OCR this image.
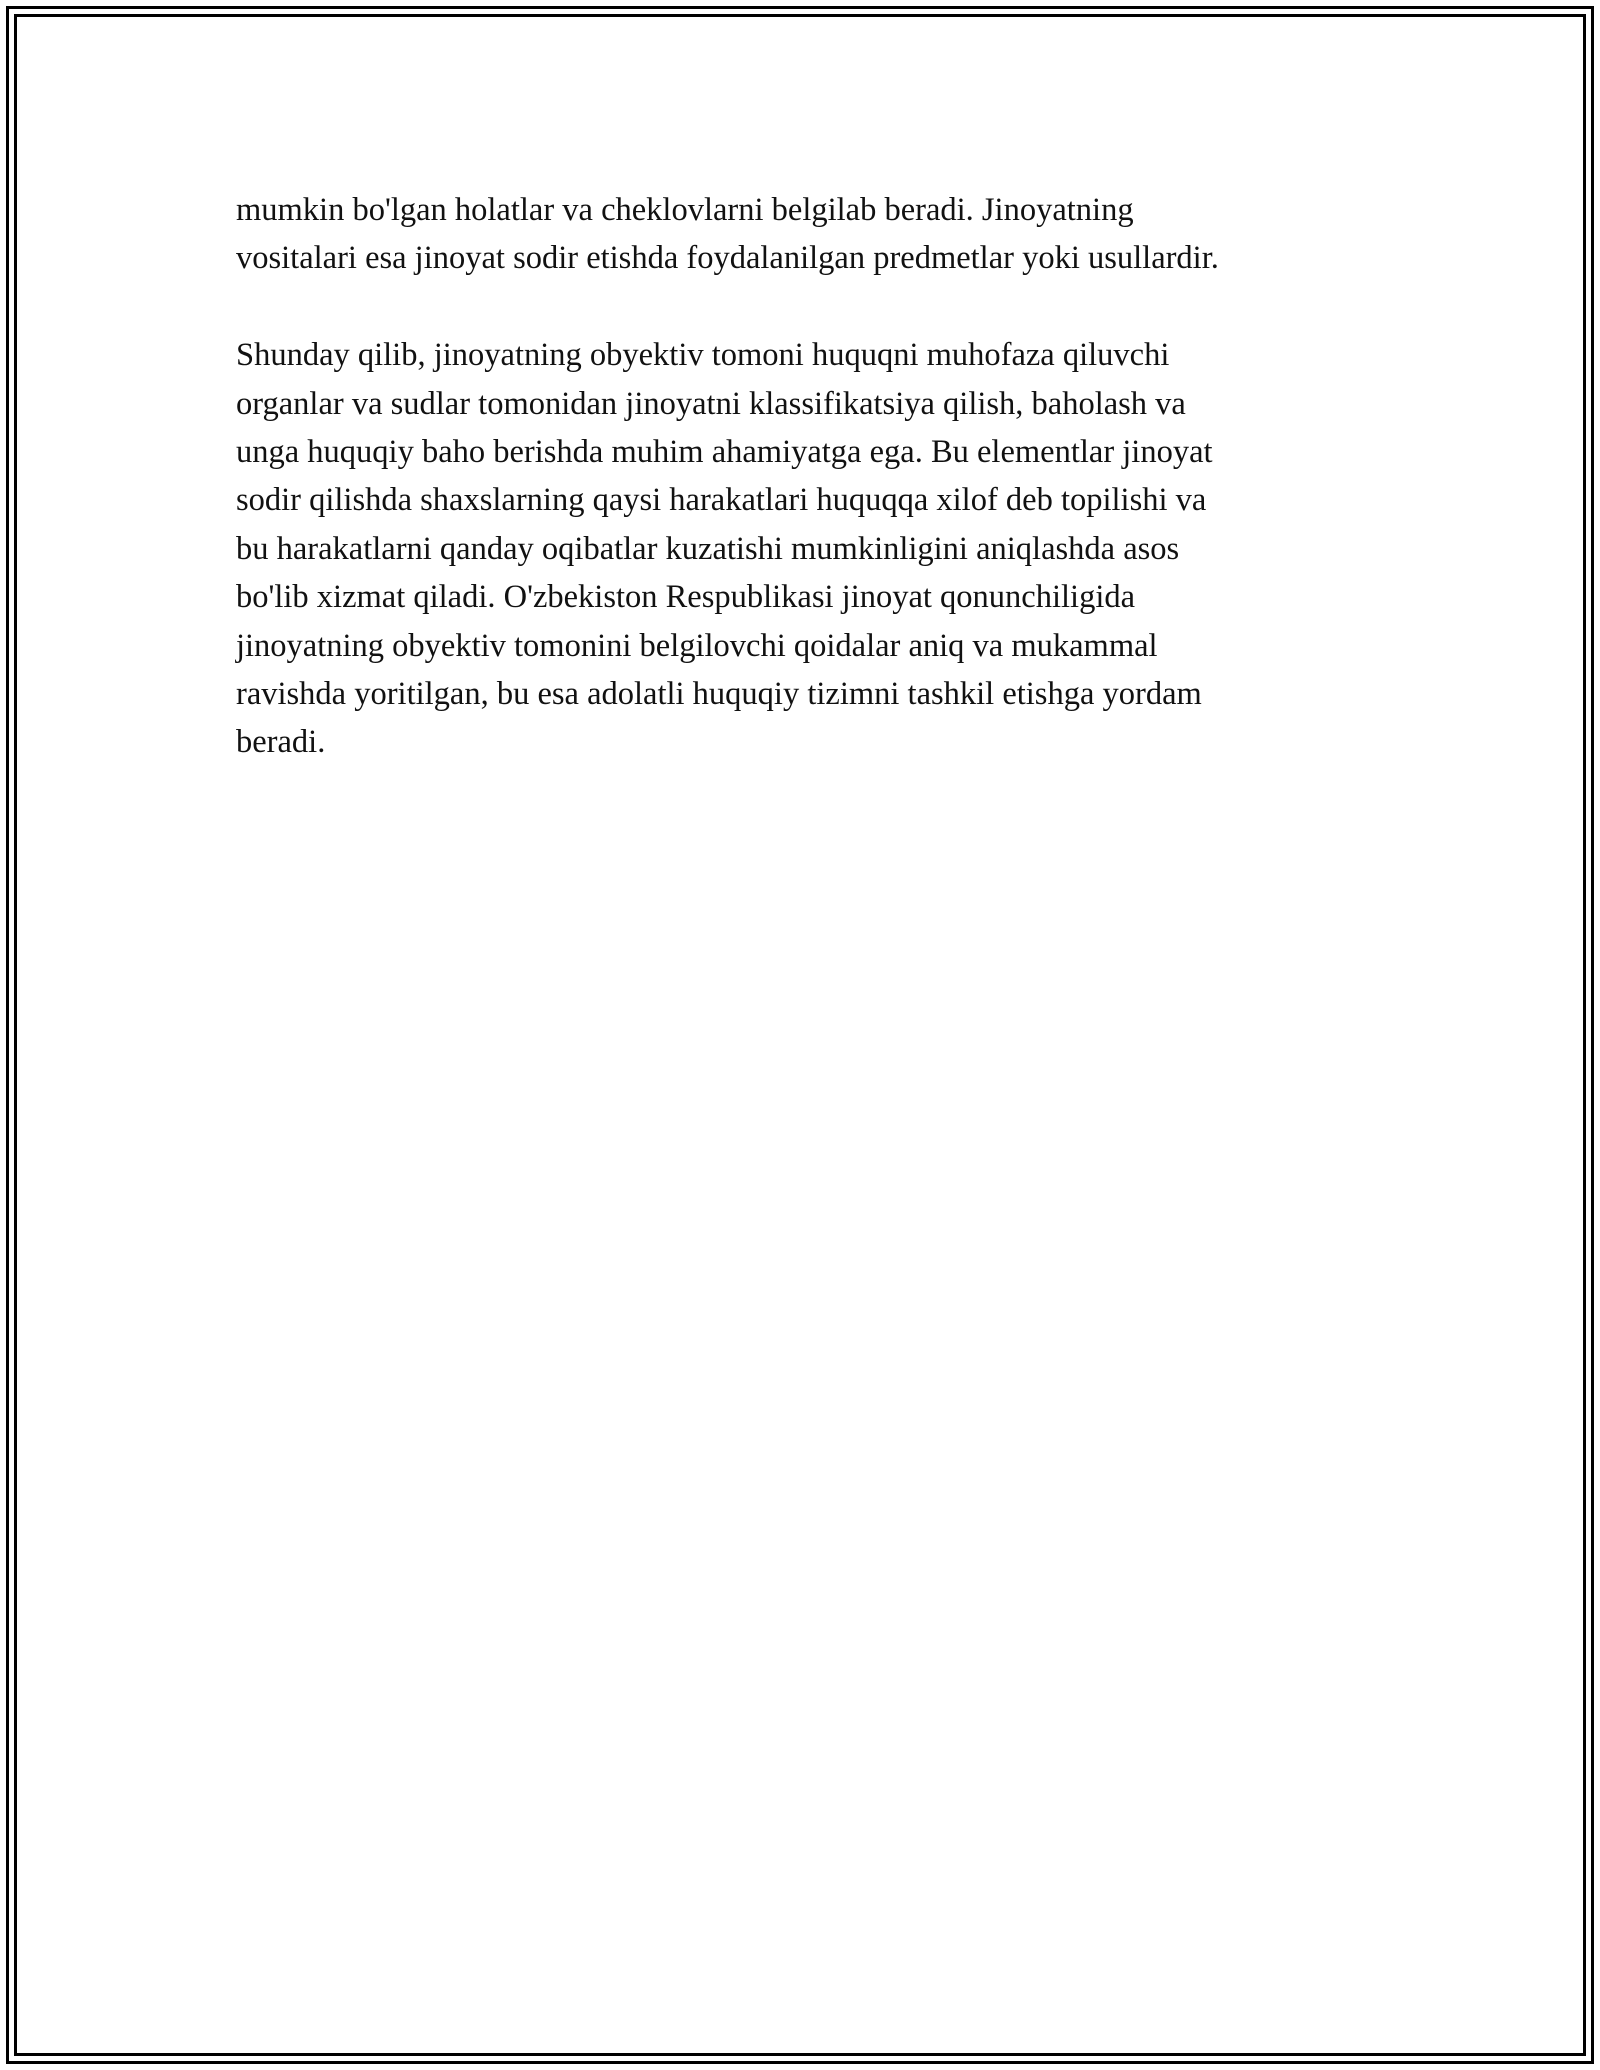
mumkin bo'lgan holatlar va cheklovlarni belgilab beradi. Jinoyatning
vositalari esa jinoyat sodir etishda foydalanilgan predmetlar yoki usullardir.

Shunday qilib, jinoyatning obyektiv tomoni huquqni muhofaza qiluvchi
organlar va sudlar tomonidan jinoyatni klassifikatsiya qilish, baholash va
unga huquqiy baho berishda muhim ahamiyatga ega. Bu elementlar jinoyat
sodir qilishda shaxslarning qaysi harakatlari huquqqa xilof deb topilishi va
bu harakatlarni qanday oqibatlar kuzatishi mumkinligini aniqlashda asos
bo'lib xizmat qiladi. O'zbekiston Respublikasi jinoyat qonunchiligida
jinoyatning obyektiv tomonini belgilovchi qoidalar aniq va mukammal
ravishda yoritilgan, bu esa adolatli huquqiy tizimni tashkil etishga yordam
beradi.
